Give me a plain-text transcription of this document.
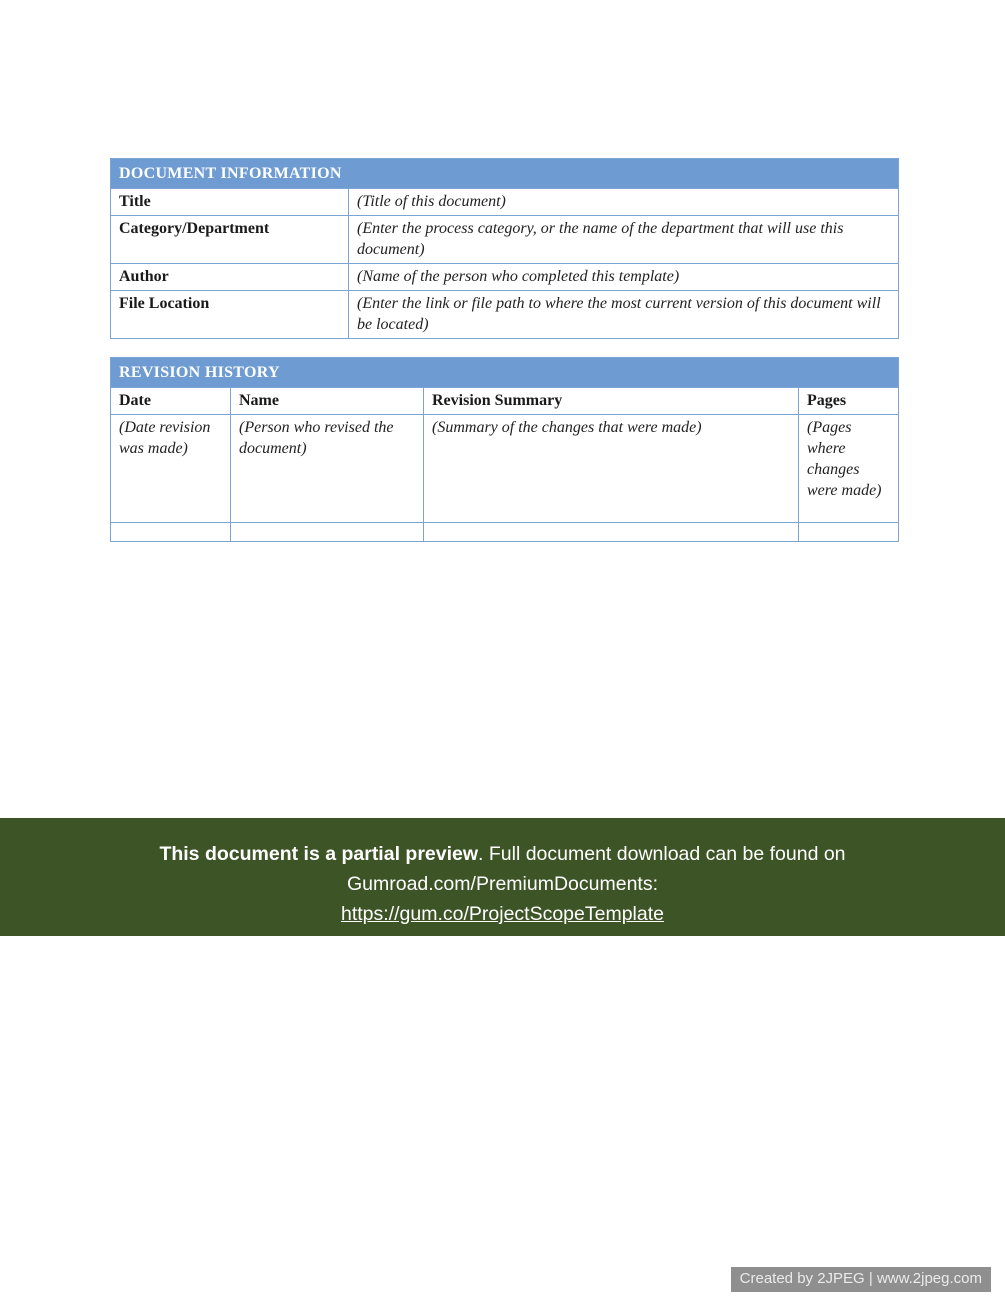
DOCUMENT INFORMATION	
Title	(Title of this document)
Category/Department	(Enter the process category, or the name of the department that will use this document)
Author	(Name of the person who completed this template)
File Location	(Enter the link or file path to where the most current version of this document will be located)
REVISION HISTORY			
Date	Name	Revision Summary	Pages
(Date revision was made)	(Person who revised the document)	(Summary of the changes that were made)	(Pages where changes were made)

This document is a partial preview. Full document download can be found on
Gumroad.com/PremiumDocuments:
https://gum.co/ProjectScopeTemplate
Created by 2JPEG | www.2jpeg.com
